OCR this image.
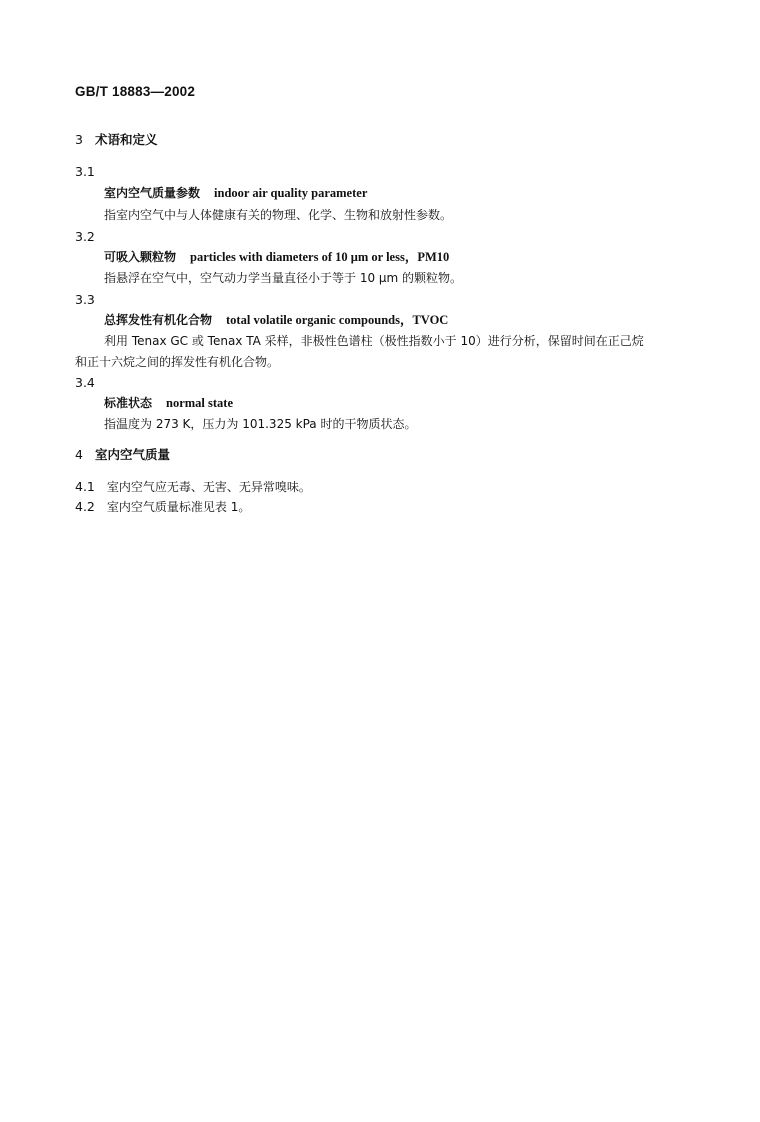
GB/T 18883—2002
3 术语和定义
3.1
室内空气质量参数 indoor air quality parameter
指室内空气中与人体健康有关的物理、化学、生物和放射性参数。
3.2
可吸入颗粒物 particles with diameters of 10 μm or less，PM10
指悬浮在空气中，空气动力学当量直径小于等于 10 μm 的颗粒物。
3.3
总挥发性有机化合物 total volatile organic compounds，TVOC
利用 Tenax GC 或 Tenax TA 采样，非极性色谱柱（极性指数小于 10）进行分析，保留时间在正己烷
和正十六烷之间的挥发性有机化合物。
3.4
标准状态 normal state
指温度为 273 K，压力为 101.325 kPa 时的干物质状态。
4 室内空气质量
4.1 室内空气应无毒、无害、无异常嗅味。
4.2 室内空气质量标准见表 1。
